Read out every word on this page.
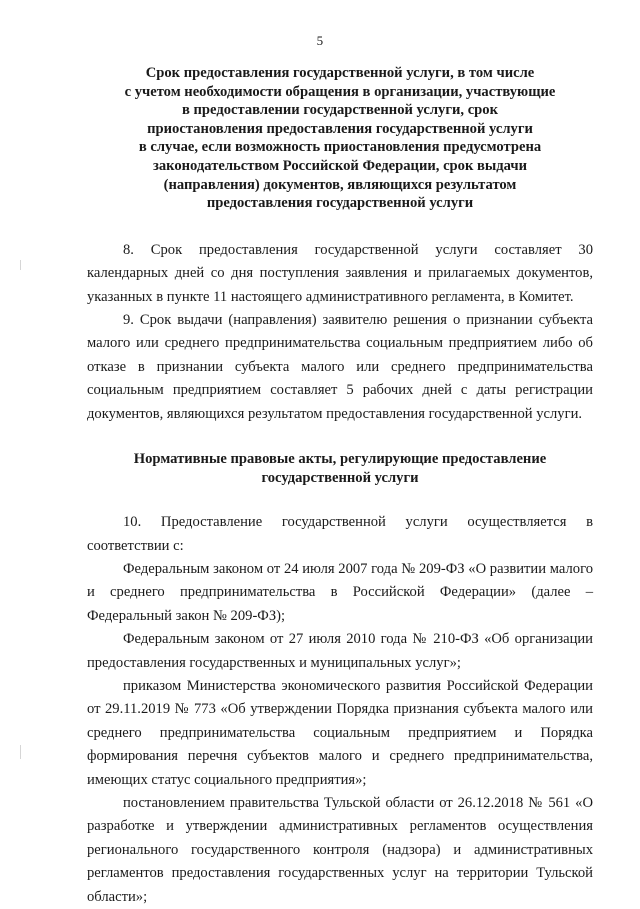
5
Срок предоставления государственной услуги, в том числе
с учетом необходимости обращения в организации, участвующие
в предоставлении государственной услуги, срок
приостановления предоставления государственной услуги
в случае, если возможность приостановления предусмотрена
законодательством Российской Федерации, срок выдачи
(направления) документов, являющихся результатом
предоставления государственной услуги

8. Срок предоставления государственной услуги составляет 30 календарных дней со дня поступления заявления и прилагаемых документов, указанных в пункте 11 настоящего административного регламента, в Комитет.

9. Срок выдачи (направления) заявителю решения о признании субъекта малого или среднего предпринимательства социальным предприятием либо об отказе в признании субъекта малого или среднего предпринимательства социальным предприятием составляет 5 рабочих дней с даты регистрации документов, являющихся результатом предоставления государственной услуги.

Нормативные правовые акты, регулирующие предоставление
государственной услуги

10. Предоставление государственной услуги осуществляется в соответствии с:

Федеральным законом от 24 июля 2007 года № 209-ФЗ «О развитии малого и среднего предпринимательства в Российской Федерации» (далее – Федеральный закон № 209-ФЗ);

Федеральным законом от 27 июля 2010 года № 210-ФЗ «Об организации предоставления государственных и муниципальных услуг»;

приказом Министерства экономического развития Российской Федерации от 29.11.2019 № 773 «Об утверждении Порядка признания субъекта малого или среднего предпринимательства социальным предприятием и Порядка формирования перечня субъектов малого и среднего предпринимательства, имеющих статус социального предприятия»;

постановлением правительства Тульской области от 26.12.2018 № 561 «О разработке и утверждении административных регламентов осуществления регионального государственного контроля (надзора) и административных регламентов предоставления государственных услуг на территории Тульской области»;
